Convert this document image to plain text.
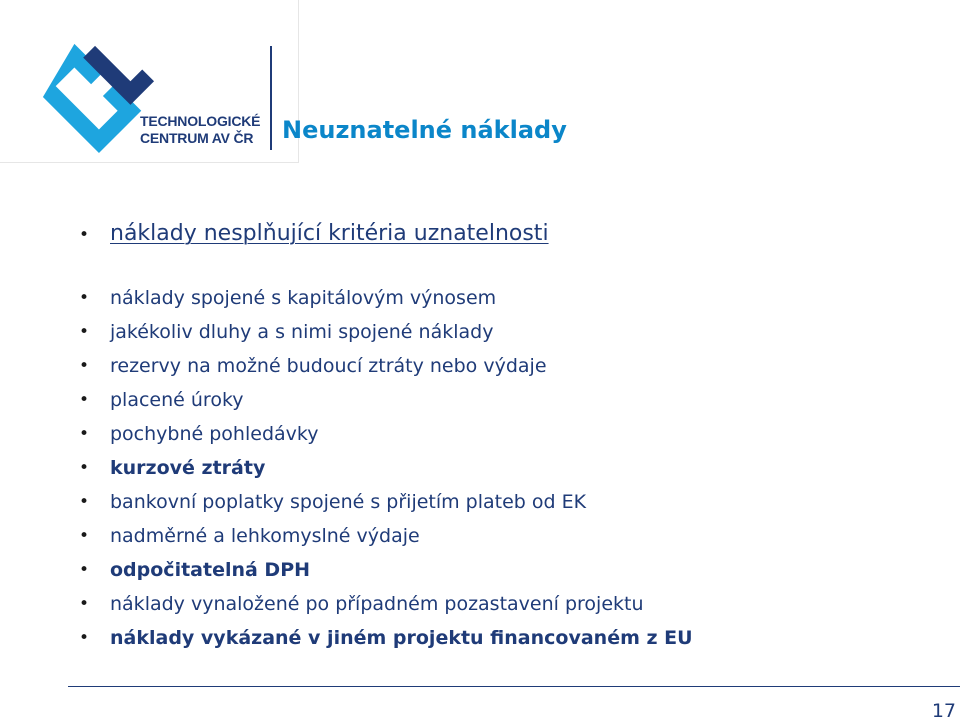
TECHNOLOGICKÉ
CENTRUM AV ČR Neuznatelné náklady
• náklady nesplňující kritéria uznatelnosti
• náklady spojené s kapitálovým výnosem
• jakékoliv dluhy a s nimi spojené náklady
• rezervy na možné budoucí ztráty nebo výdaje
• placené úroky
• pochybné pohledávky
• kurzové ztráty
• bankovní poplatky spojené s přijetím plateb od EK
• nadměrné a lehkomyslné výdaje
• odpočitatelná DPH
• náklady vynaložené po případném pozastavení projektu
• náklady vykázané v jiném projektu financovaném z EU
17
